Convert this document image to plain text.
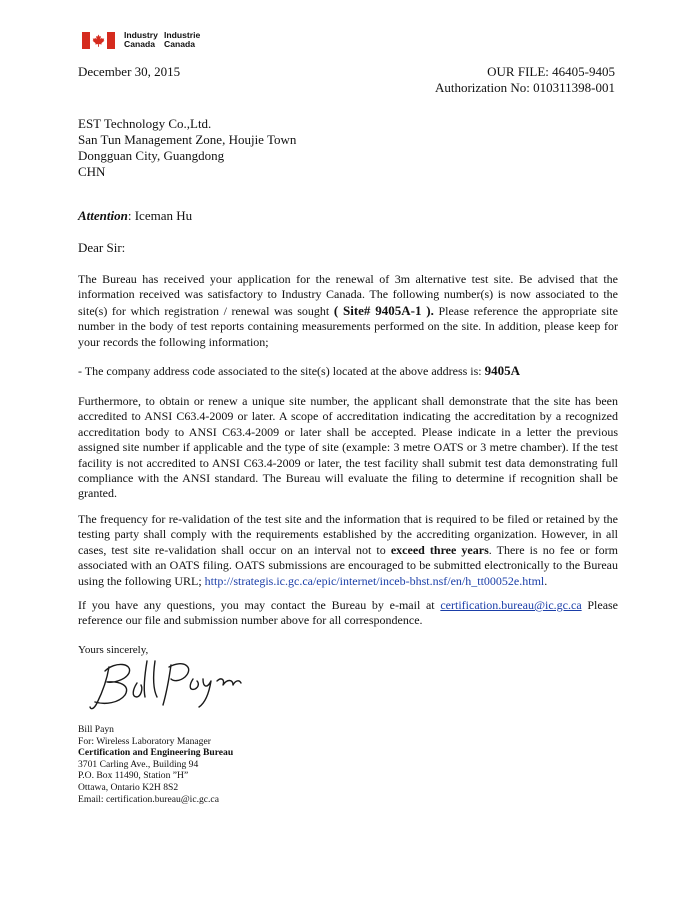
Industry
Canada
Industrie
Canada
December 30, 2015	OUR FILE: 46405-9405
Authorization No: 010311398-001
EST Technology Co.,Ltd.
San Tun Management Zone, Houjie Town
Dongguan City, Guangdong
CHN
Attention: Iceman Hu
Dear Sir:
The Bureau has received your application for the renewal of 3m alternative test site. Be advised that the information received was satisfactory to Industry Canada. The following number(s) is now associated to the site(s) for which registration / renewal was sought ( Site# 9405A-1 ). Please reference the appropriate site number in the body of test reports containing measurements performed on the site. In addition, please keep for your records the following information;
- The company address code associated to the site(s) located at the above address is: 9405A
Furthermore, to obtain or renew a unique site number, the applicant shall demonstrate that the site has been accredited to ANSI C63.4-2009 or later. A scope of accreditation indicating the accreditation by a recognized accreditation body to ANSI C63.4-2009 or later shall be accepted. Please indicate in a letter the previous assigned site number if applicable and the type of site (example: 3 metre OATS or 3 metre chamber). If the test facility is not accredited to ANSI C63.4-2009 or later, the test facility shall submit test data demonstrating full compliance with the ANSI standard. The Bureau will evaluate the filing to determine if recognition shall be granted.
The frequency for re-validation of the test site and the information that is required to be filed or retained by the testing party shall comply with the requirements established by the accrediting organization. However, in all cases, test site re-validation shall occur on an interval not to exceed three years. There is no fee or form associated with an OATS filing. OATS submissions are encouraged to be submitted electronically to the Bureau using the following URL; http://strategis.ic.gc.ca/epic/internet/inceb-bhst.nsf/en/h_tt00052e.html.
If you have any questions, you may contact the Bureau by e-mail at certification.bureau@ic.gc.ca Please reference our file and submission number above for all correspondence.
Yours sincerely,
Bill Payn
For: Wireless Laboratory Manager
Certification and Engineering Bureau
3701 Carling Ave., Building 94
P.O. Box 11490, Station ”H”
Ottawa, Ontario K2H 8S2
Email: certification.bureau@ic.gc.ca
